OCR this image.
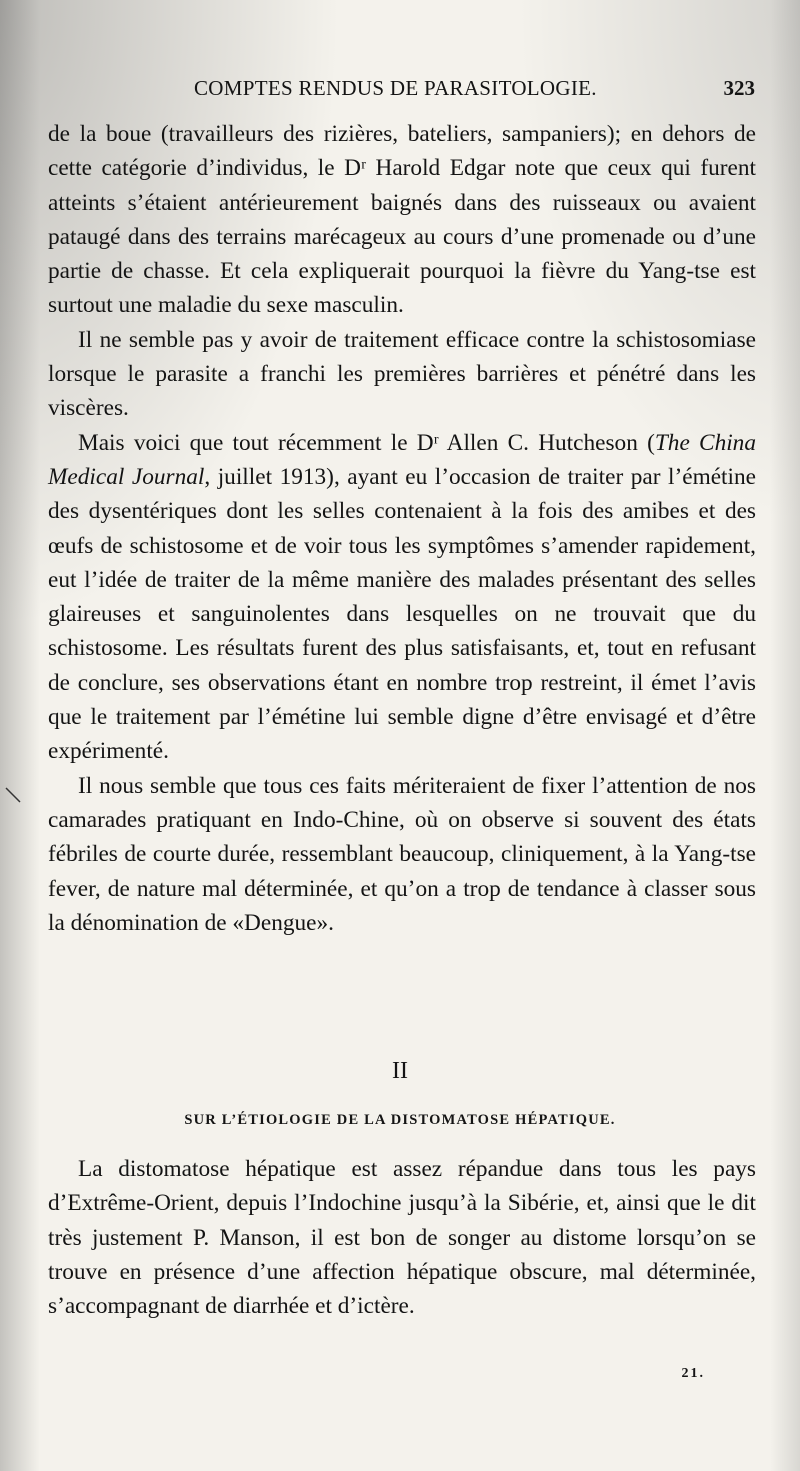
COMPTES RENDUS DE PARASITOLOGIE.	323

de la boue (travailleurs des rizières, bateliers, sampaniers); en dehors de cette catégorie d’individus, le Dʳ Harold Edgar note que ceux qui furent atteints s’étaient antérieurement baignés dans des ruisseaux ou avaient pataugé dans des terrains marécageux au cours d’une promenade ou d’une partie de chasse. Et cela expliquerait pourquoi la fièvre du Yang-tse est surtout une maladie du sexe masculin.

Il ne semble pas y avoir de traitement efficace contre la schistosomiase lorsque le parasite a franchi les premières barrières et pénétré dans les viscères.

Mais voici que tout récemment le Dʳ Allen C. Hutcheson (The China Medical Journal, juillet 1913), ayant eu l’occasion de traiter par l’émétine des dysentériques dont les selles contenaient à la fois des amibes et des œufs de schistosome et de voir tous les symptômes s’amender rapidement, eut l’idée de traiter de la même manière des malades présentant des selles glaireuses et sanguinolentes dans lesquelles on ne trouvait que du schistosome. Les résultats furent des plus satisfaisants, et, tout en refusant de conclure, ses observations étant en nombre trop restreint, il émet l’avis que le traitement par l’émétine lui semble digne d’être envisagé et d’être expérimenté.

Il nous semble que tous ces faits mériteraient de fixer l’attention de nos camarades pratiquant en Indo-Chine, où on observe si souvent des états fébriles de courte durée, ressemblant beaucoup, cliniquement, à la Yang-tse fever, de nature mal déterminée, et qu’on a trop de tendance à classer sous la dénomination de «Dengue».

II
SUR L’ÉTIOLOGIE DE LA DISTOMATOSE HÉPATIQUE.

La distomatose hépatique est assez répandue dans tous les pays d’Extrême-Orient, depuis l’Indochine jusqu’à la Sibérie, et, ainsi que le dit très justement P. Manson, il est bon de songer au distome lorsqu’on se trouve en présence d’une affection hépatique obscure, mal déterminée, s’accompagnant de diarrhée et d’ictère.

21.
